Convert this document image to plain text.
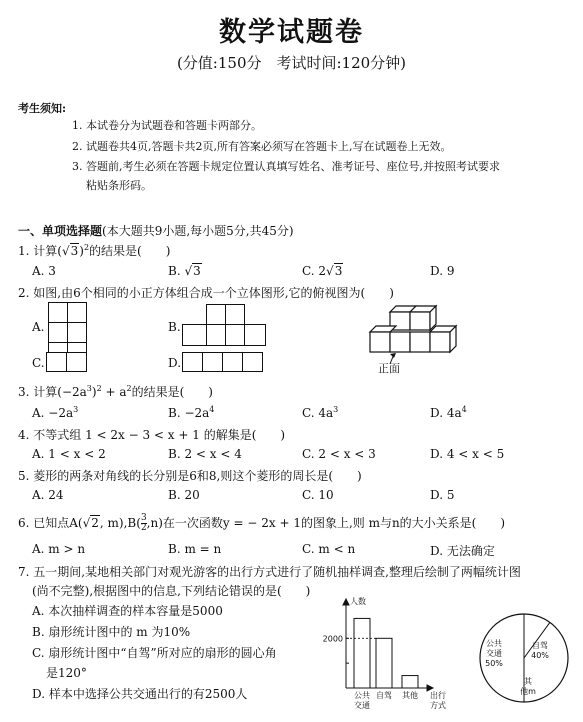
数学试题卷
(分值:150分　考试时间:120分钟)
考生须知:
1. 本试卷分为试题卷和答题卡两部分。
2. 试题卷共4页,答题卡共2页,所有答案必须写在答题卡上,写在试题卷上无效。
3. 答题前,考生必须在答题卡规定位置认真填写姓名、准考证号、座位号,并按照考试要求
粘贴条形码。
一、单项选择题(本大题共9小题,每小题5分,共45分)
1. 计算$(√3)^2$的结果是(　　)
A. 3	B. √3	C. 2√3	D. 9
2. 如图,由6个相同的小正方体组合成一个立体图形,它的俯视图为(　　)
A.	B.
C.	D.	正面
3. 计算$(-2a^3)^2 + a^2$的结果是(　　)
A. $-2a^3$	B. $-2a^4$	C. $4a^3$	D. $4a^4$
4. 不等式组 1 < 2x − 3 < x + 1 的解集是(　　)
A. 1 < x < 2	B. 2 < x < 4	C. 2 < x < 3	D. 4 < x < 5
5. 菱形的两条对角线的长分别是6和8,则这个菱形的周长是(　　)
A. 24	B. 20	C. 10	D. 5
6. 已知点A(√2, $m),B( \frac{3}{2} ,n)$在一次函数y = − 2x + 1的图象上,则 m与n的大小关系是(　　)
A. m > n	B. m = n	C. m < n	D. 无法确定
7. 五一期间,某地相关部门对观光游客的出行方式进行了随机抽样调查,整理后绘制了两幅统计图
(尚不完整),根据图中的信息,下列结论错误的是(　　)
A. 本次抽样调查的样本容量是5000
B. 扇形统计图中的 m 为10%
C. 扇形统计图中“自驾”所对应的扇形的圆心角
是120°
D. 样本中选择公共交通出行的有2500人
2000
人数
公共 自驾 其他
交通
出行
方式
公共
交通
50%
自驾
40%
其
他m
